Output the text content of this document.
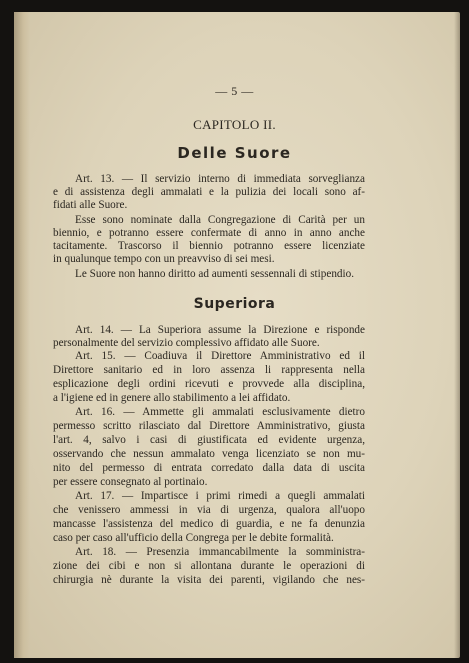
— 5 —
CAPITOLO II.
Delle Suore
Art. 13. — Il servizio interno di immediata sorveglianza
e di assistenza degli ammalati e la pulizia dei locali sono af-
fidati alle Suore.
Esse sono nominate dalla Congregazione di Carità per un
biennio, e potranno essere confermate di anno in anno anche
tacitamente. Trascorso il biennio potranno essere licenziate
in qualunque tempo con un preavviso di sei mesi.
Le Suore non hanno diritto ad aumenti sessennali di stipendio.
Superiora
Art. 14. — La Superiora assume la Direzione e risponde
personalmente del servizio complessivo affidato alle Suore.
Art. 15. — Coadiuva il Direttore Amministrativo ed il
Direttore sanitario ed in loro assenza li rappresenta nella
esplicazione degli ordini ricevuti e provvede alla disciplina,
a l'igiene ed in genere allo stabilimento a lei affidato.
Art. 16. — Ammette gli ammalati esclusivamente dietro
permesso scritto rilasciato dal Direttore Amministrativo, giusta
l'art. 4, salvo i casi di giustificata ed evidente urgenza,
osservando che nessun ammalato venga licenziato se non mu-
nito del permesso di entrata corredato dalla data di uscita
per essere consegnato al portinaio.
Art. 17. — Impartisce i primi rimedi a quegli ammalati
che venissero ammessi in via di urgenza, qualora all'uopo
mancasse l'assistenza del medico di guardia, e ne fa denunzia
caso per caso all'ufficio della Congrega per le debite formalità.
Art. 18. — Presenzia immancabilmente la somministra-
zione dei cibi e non si allontana durante le operazioni di
chirurgia nè durante la visita dei parenti, vigilando che nes-
